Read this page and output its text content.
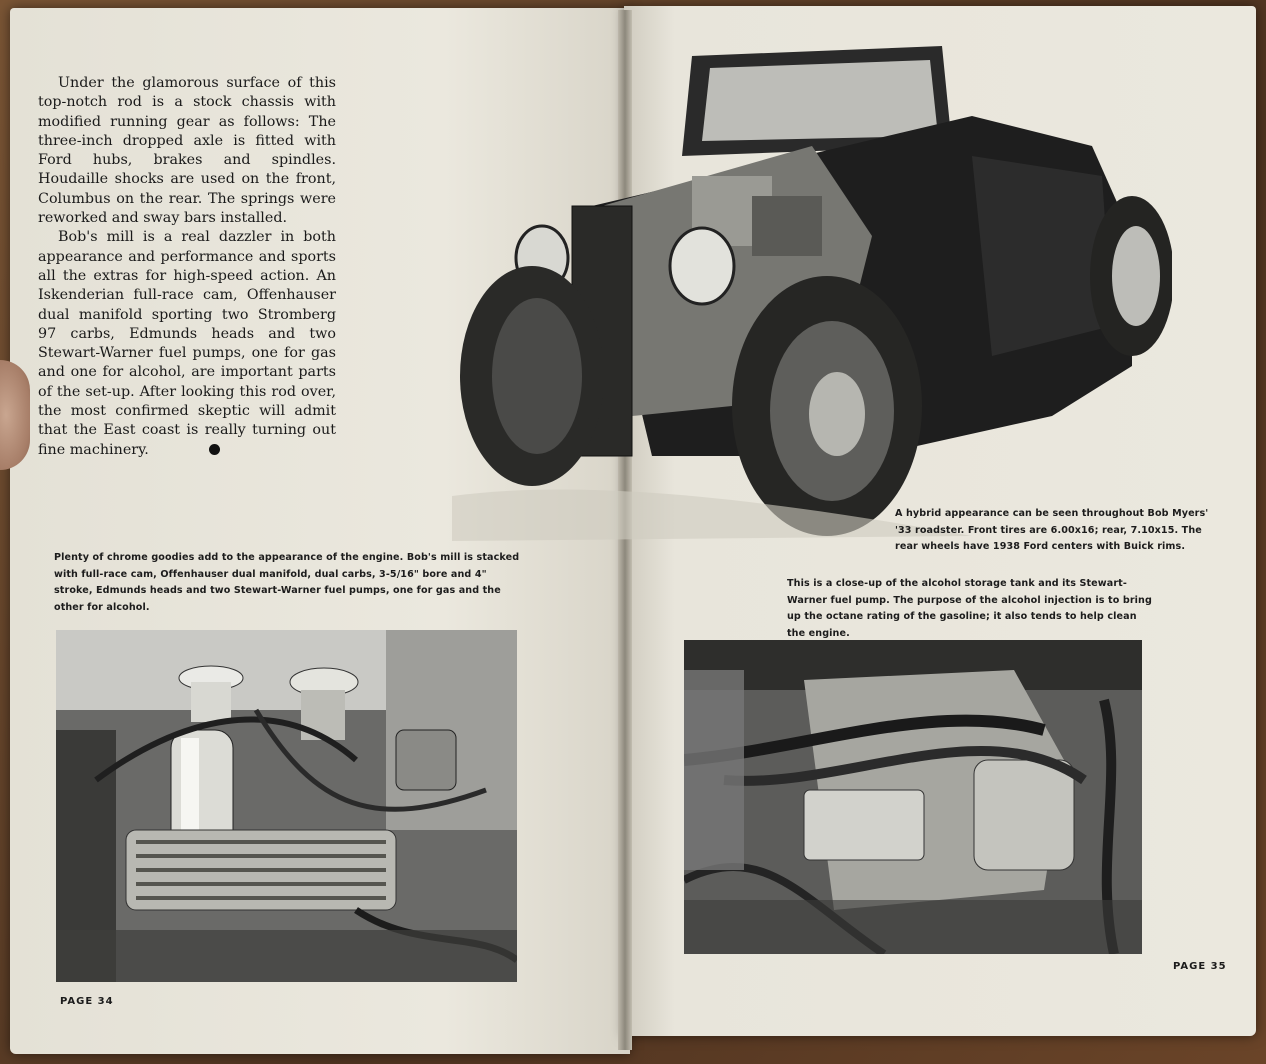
Under the glamorous surface of this top-notch rod is a stock chassis with modified running gear as follows: The three-inch dropped axle is fitted with Ford hubs, brakes and spindles. Houdaille shocks are used on the front, Columbus on the rear. The springs were reworked and sway bars installed.

Bob's mill is a real dazzler in both appearance and performance and sports all the extras for high-speed action. An Iskenderian full-race cam, Offenhauser dual manifold sporting two Stromberg 97 carbs, Edmunds heads and two Stewart-Warner fuel pumps, one for gas and one for alcohol, are important parts of the set-up. After looking this rod over, the most confirmed skeptic will admit that the East coast is really turning out fine machinery.

Plenty of chrome goodies add to the appearance of the engine. Bob's mill is stacked with full-race cam, Offenhauser dual manifold, dual carbs, 3-5/16" bore and 4" stroke, Edmunds heads and two Stewart-Warner fuel pumps, one for gas and the other for alcohol.

PAGE 34

A hybrid appearance can be seen throughout Bob Myers' '33 roadster. Front tires are 6.00x16; rear, 7.10x15. The rear wheels have 1938 Ford centers with Buick rims.

This is a close-up of the alcohol storage tank and its Stewart-Warner fuel pump. The purpose of the alcohol injection is to bring up the octane rating of the gasoline; it also tends to help clean the engine.

PAGE 35
